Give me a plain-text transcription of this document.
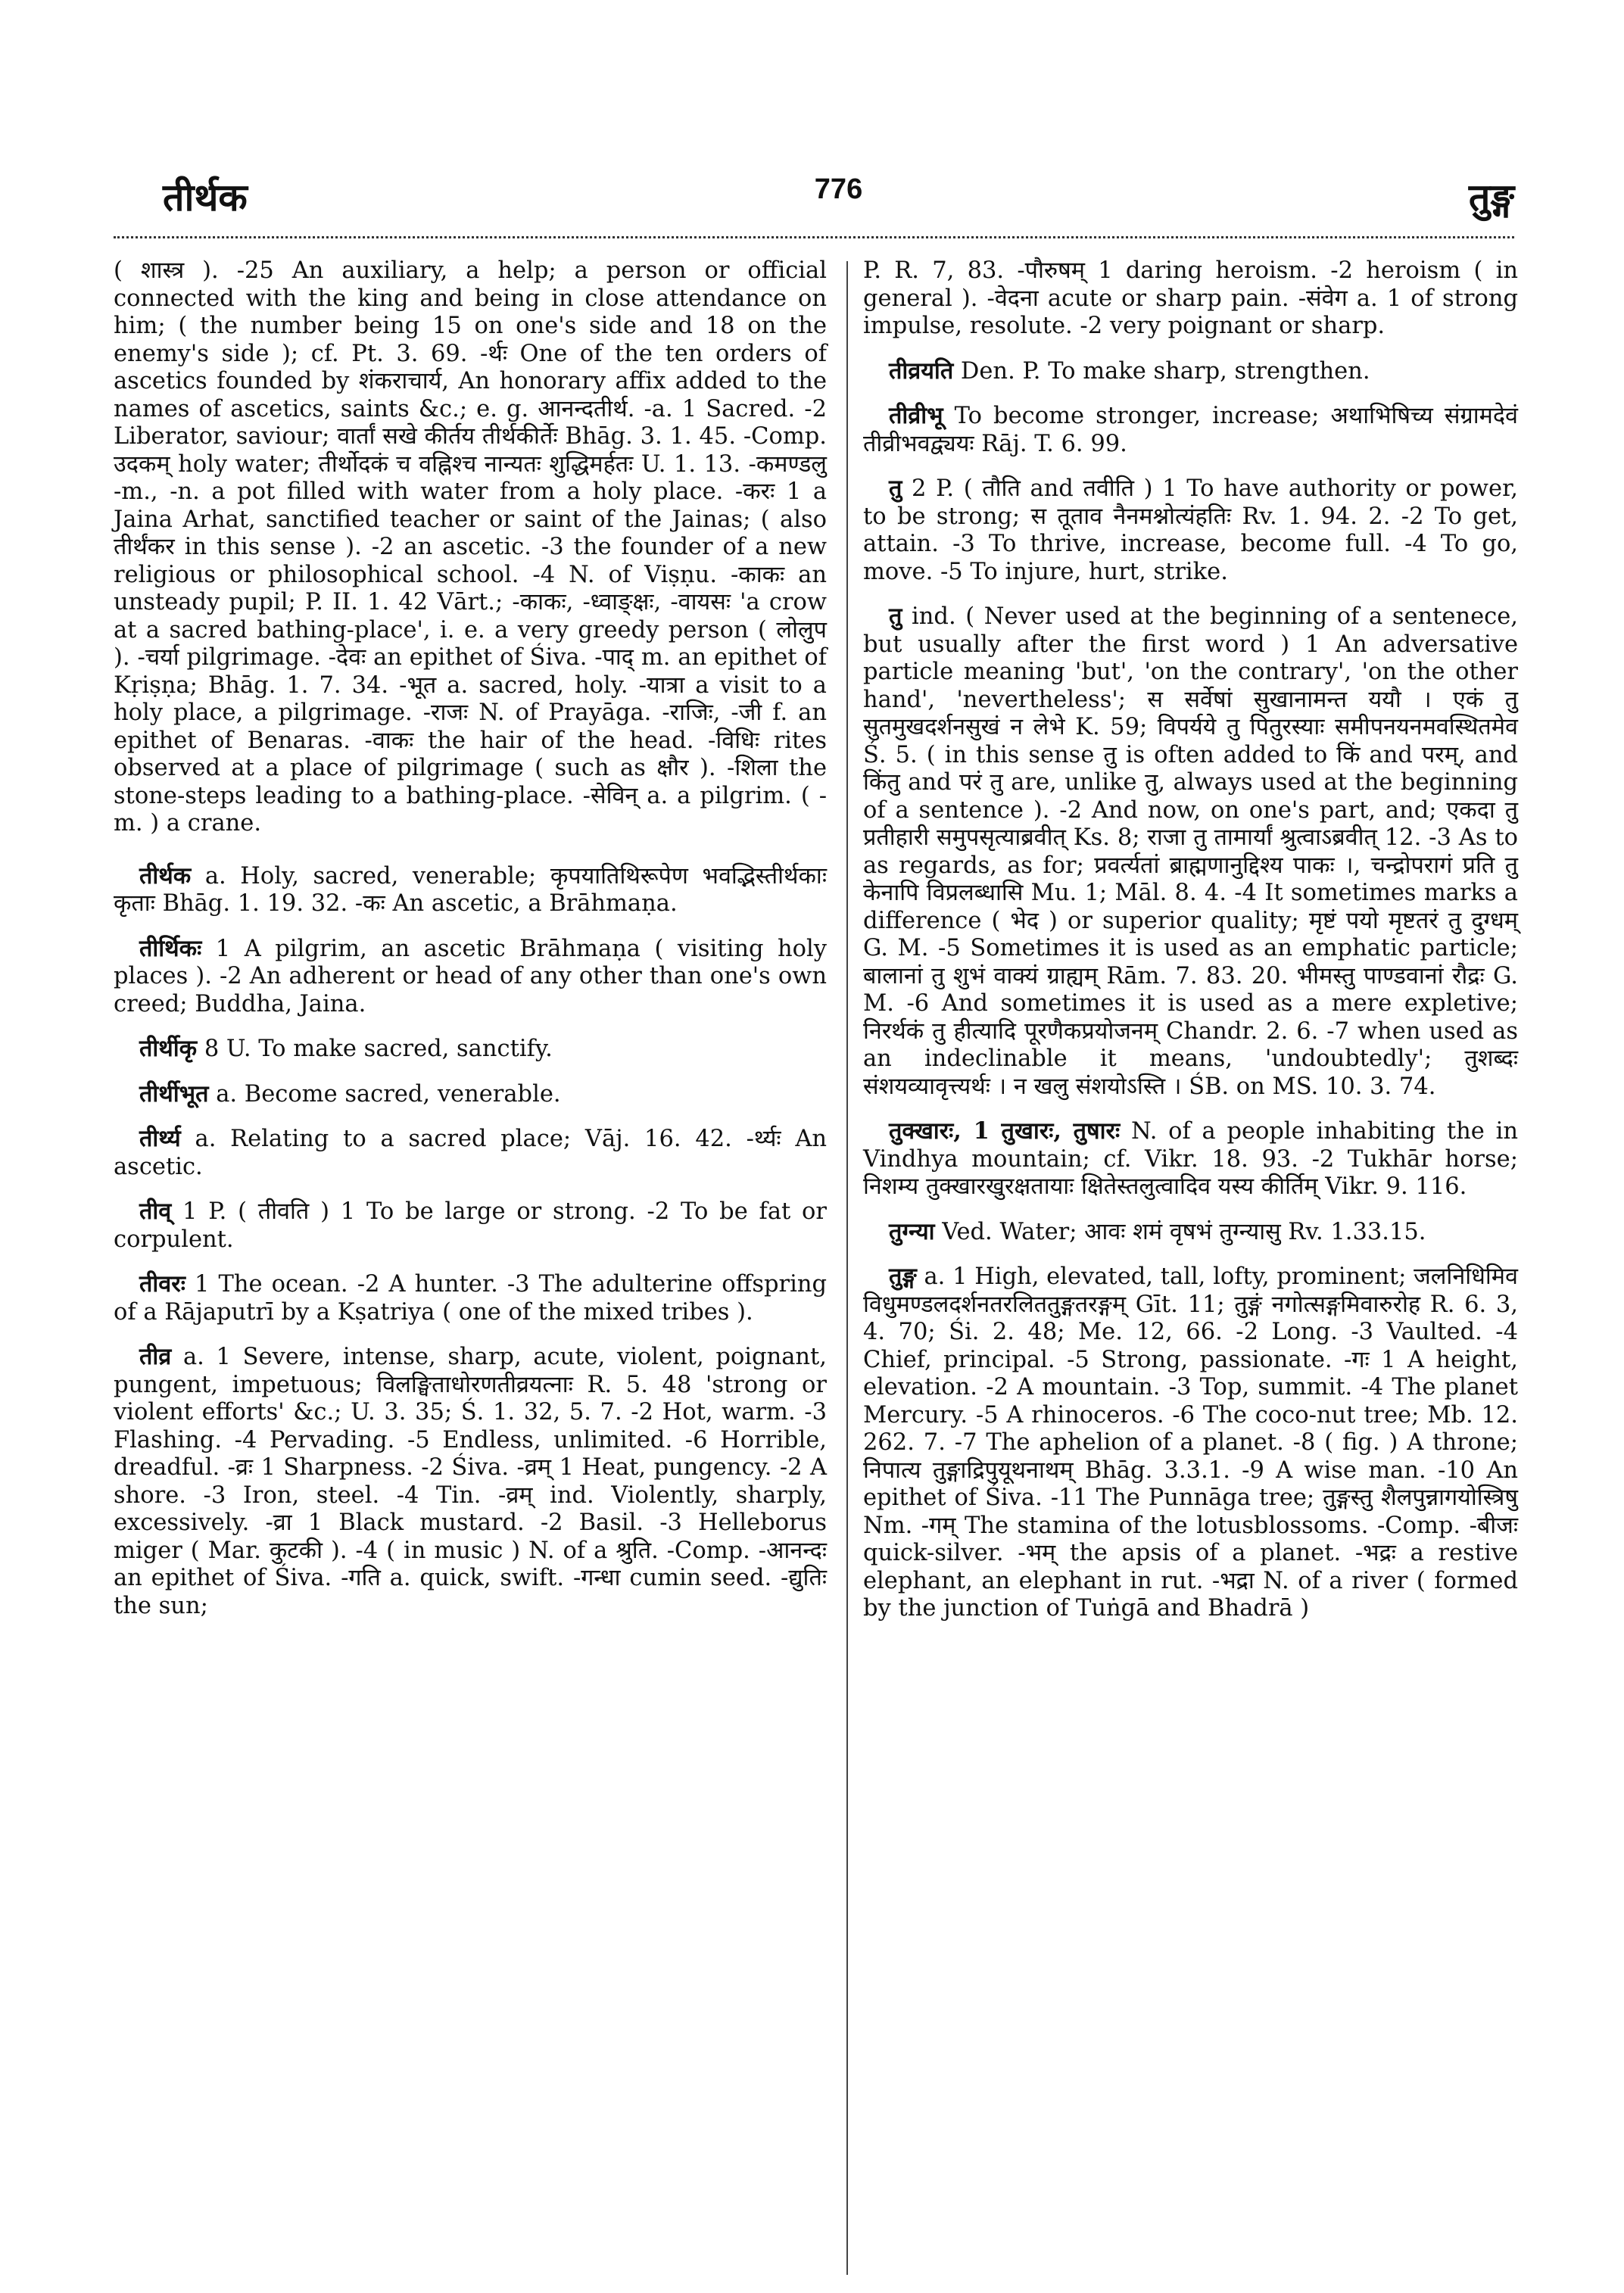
तीर्थक	776	तुङ्ग

( शास्त्र ). -25 An auxiliary, a help; a person or official connected with the king and being in close attendance on him; ( the number being 15 on one's side and 18 on the enemy's side ); cf. Pt. 3. 69. -र्थः One of the ten orders of ascetics founded by शंकराचार्य, An honorary affix added to the names of ascetics, saints &c.; e. g. आनन्दतीर्थ. -a. 1 Sacred. -2 Liberator, saviour; वार्तां सखे कीर्तय तीर्थकीर्तेः Bhāg. 3. 1. 45. -Comp. उदकम् holy water; तीर्थोदकं च वह्निश्च नान्यतः शुद्धिमर्हतः U. 1. 13. -कमण्डलु -m., -n. a pot filled with water from a holy place. -करः 1 a Jaina Arhat, sanctified teacher or saint of the Jainas; ( also तीर्थंकर in this sense ). -2 an ascetic. -3 the founder of a new religious or philosophical school. -4 N. of Viṣṇu. -काकः an unsteady pupil; P. II. 1. 42 Vārt.; -काकः, -ध्वाङ्क्षः, -वायसः 'a crow at a sacred bathing-place', i. e. a very greedy person ( लोलुप ). -चर्या pilgrimage. -देवः an epithet of Śiva. -पाद् m. an epithet of Kṛiṣṇa; Bhāg. 1. 7. 34. -भूत a. sacred, holy. -यात्रा a visit to a holy place, a pilgrimage. -राजः N. of Prayāga. -राजिः, -जी f. an epithet of Benaras. -वाकः the hair of the head. -विधिः rites observed at a place of pilgrimage ( such as क्षौर ). -शिला the stone-steps leading to a bathing-place. -सेविन् a. a pilgrim. ( -m. ) a crane.

तीर्थक a. Holy, sacred, venerable; कृपयातिथिरूपेण भवद्भिस्तीर्थकाः कृताः Bhāg. 1. 19. 32. -कः An ascetic, a Brāhmaṇa.

तीर्थिकः 1 A pilgrim, an ascetic Brāhmaṇa ( visiting holy places ). -2 An adherent or head of any other than one's own creed; Buddha, Jaina.

तीर्थीकृ 8 U. To make sacred, sanctify.

तीर्थीभूत a. Become sacred, venerable.

तीर्थ्य a. Relating to a sacred place; Vāj. 16. 42. -र्थ्यः An ascetic.

तीव् 1 P. ( तीवति ) 1 To be large or strong. -2 To be fat or corpulent.

तीवरः 1 The ocean. -2 A hunter. -3 The adulterine offspring of a Rājaputrī by a Kṣatriya ( one of the mixed tribes ).

तीव्र a. 1 Severe, intense, sharp, acute, violent, poignant, pungent, impetuous; विलङ्घिताधोरणतीव्रयत्नाः R. 5. 48 'strong or violent efforts' &c.; U. 3. 35; Ś. 1. 32, 5. 7. -2 Hot, warm. -3 Flashing. -4 Pervading. -5 Endless, unlimited. -6 Horrible, dreadful. -व्रः 1 Sharpness. -2 Śiva. -व्रम् 1 Heat, pungency. -2 A shore. -3 Iron, steel. -4 Tin. -व्रम् ind. Violently, sharply, excessively. -व्रा 1 Black mustard. -2 Basil. -3 Helleborus miger ( Mar. कुटकी ). -4 ( in music ) N. of a श्रुति. -Comp. -आनन्दः an epithet of Śiva. -गति a. quick, swift. -गन्धा cumin seed. -द्युतिः the sun;

P. R. 7, 83. -पौरुषम् 1 daring heroism. -2 heroism ( in general ). -वेदना acute or sharp pain. -संवेग a. 1 of strong impulse, resolute. -2 very poignant or sharp.

तीव्रयति Den. P. To make sharp, strengthen.

तीव्रीभू To become stronger, increase; अथाभिषिच्य संग्रामदेवं तीव्रीभवद्व्ययः Rāj. T. 6. 99.

तु 2 P. ( तौति and तवीति ) 1 To have authority or power, to be strong; स तूताव नैनमश्नोत्यंहतिः Rv. 1. 94. 2. -2 To get, attain. -3 To thrive, increase, become full. -4 To go, move. -5 To injure, hurt, strike.

तु ind. ( Never used at the beginning of a sentenece, but usually after the first word ) 1 An adversative particle meaning 'but', 'on the contrary', 'on the other hand', 'nevertheless'; स सर्वेषां सुखानामन्त ययौ । एकं तु सुतमुखदर्शनसुखं न लेभे K. 59; विपर्यये तु पितुरस्याः समीपनयनमवस्थितमेव Ś. 5. ( in this sense तु is often added to किं and परम्, and किंतु and परं तु are, unlike तु, always used at the beginning of a sentence ). -2 And now, on one's part, and; एकदा तु प्रतीहारी समुपसृत्याब्रवीत् Ks. 8; राजा तु तामार्यां श्रुत्वाऽब्रवीत् 12. -3 As to as regards, as for; प्रवर्त्यतां ब्राह्मणानुद्दिश्य पाकः ।, चन्द्रोपरागं प्रति तु केनापि विप्रलब्धासि Mu. 1; Māl. 8. 4. -4 It sometimes marks a difference ( भेद ) or superior quality; मृष्टं पयो मृष्टतरं तु दुग्धम् G. M. -5 Sometimes it is used as an emphatic particle; बालानां तु शुभं वाक्यं ग्राह्यम् Rām. 7. 83. 20. भीमस्तु पाण्डवानां रौद्रः G. M. -6 And sometimes it is used as a mere expletive; निरर्थकं तु हीत्यादि पूरणैकप्रयोजनम् Chandr. 2. 6. -7 when used as an indeclinable it means, 'undoubtedly'; तुशब्दः संशयव्यावृत्त्यर्थः । न खलु संशयोऽस्ति । ŚB. on MS. 10. 3. 74.

तुक्खारः, 1 तुखारः, तुषारः N. of a people inhabiting the in Vindhya mountain; cf. Vikr. 18. 93. -2 Tukhār horse; निशम्य तुक्खारखुरक्षतायाः क्षितेस्तलुत्वादिव यस्य कीर्तिम् Vikr. 9. 116.

तुग्न्या Ved. Water; आवः शमं वृषभं तुग्न्यासु Rv. 1.33.15.

तुङ्ग a. 1 High, elevated, tall, lofty, prominent; जलनिधिमिव विधुमण्डलदर्शनतरलिततुङ्गतरङ्गम् Gīt. 11; तुङ्गं नगोत्सङ्गमिवारुरोह R. 6. 3, 4. 70; Śi. 2. 48; Me. 12, 66. -2 Long. -3 Vaulted. -4 Chief, principal. -5 Strong, passionate. -गः 1 A height, elevation. -2 A mountain. -3 Top, summit. -4 The planet Mercury. -5 A rhinoceros. -6 The coco-nut tree; Mb. 12. 262. 7. -7 The aphelion of a planet. -8 ( fig. ) A throne; निपात्य तुङ्गाद्रिपुयूथनाथम् Bhāg. 3.3.1. -9 A wise man. -10 An epithet of Śiva. -11 The Punnāga tree; तुङ्गस्तु शैलपुन्नागयोस्त्रिषु Nm. -गम् The stamina of the lotusblossoms. -Comp. -बीजः quick-silver. -भम् the apsis of a planet. -भद्रः a restive elephant, an elephant in rut. -भद्रा N. of a river ( formed by the junction of Tuṅgā and Bhadrā )
